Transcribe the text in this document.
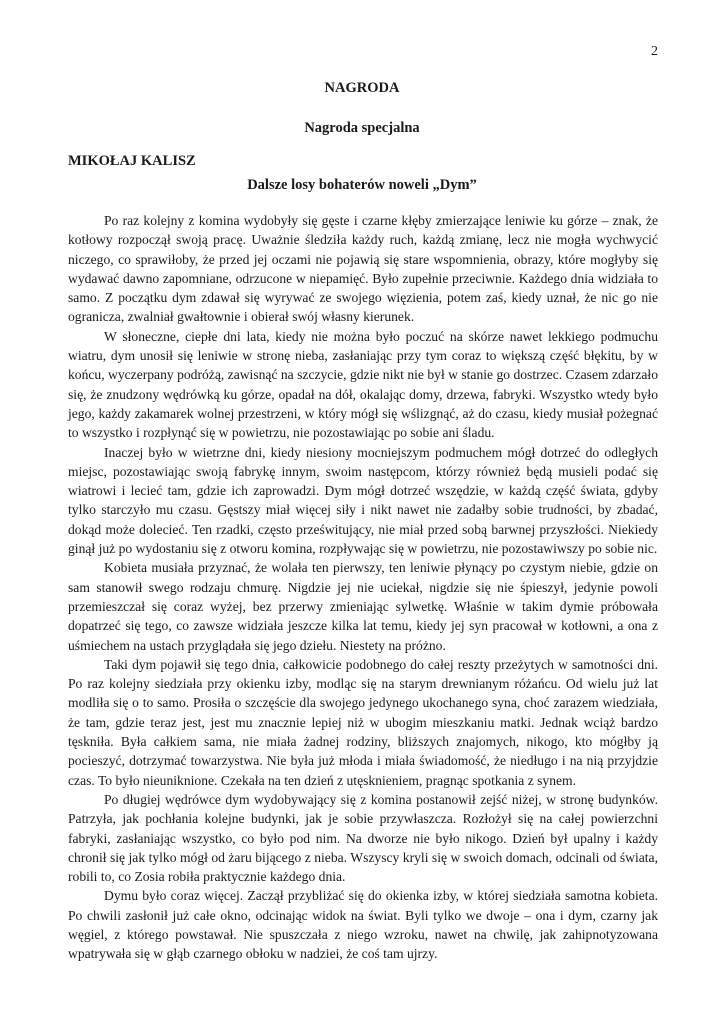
2
NAGRODA
Nagroda specjalna
MIKOŁAJ KALISZ
Dalsze losy bohaterów noweli „Dym”

Po raz kolejny z komina wydobyły się gęste i czarne kłęby zmierzające leniwie ku górze – znak, że kotłowy rozpoczął swoją pracę. Uważnie śledziła każdy ruch, każdą zmianę, lecz nie mogła wychwycić niczego, co sprawiłoby, że przed jej oczami nie pojawią się stare wspomnienia, obrazy, które mogłyby się wydawać dawno zapomniane, odrzucone w niepamięć. Było zupełnie przeciwnie. Każdego dnia widziała to samo. Z początku dym zdawał się wyrywać ze swojego więzienia, potem zaś, kiedy uznał, że nic go nie ogranicza, zwalniał gwałtownie i obierał swój własny kierunek.

W słoneczne, ciepłe dni lata, kiedy nie można było poczuć na skórze nawet lekkiego podmuchu wiatru, dym unosił się leniwie w stronę nieba, zasłaniając przy tym coraz to większą część błękitu, by w końcu, wyczerpany podróżą, zawisnąć na szczycie, gdzie nikt nie był w stanie go dostrzec. Czasem zdarzało się, że znudzony wędrówką ku górze, opadał na dół, okalając domy, drzewa, fabryki. Wszystko wtedy było jego, każdy zakamarek wolnej przestrzeni, w który mógł się wślizgnąć, aż do czasu, kiedy musiał pożegnać to wszystko i rozpłynąć się w powietrzu, nie pozostawiając po sobie ani śladu.

Inaczej było w wietrzne dni, kiedy niesiony mocniejszym podmuchem mógł dotrzeć do odległych miejsc, pozostawiając swoją fabrykę innym, swoim następcom, którzy również będą musieli podać się wiatrowi i lecieć tam, gdzie ich zaprowadzi. Dym mógł dotrzeć wszędzie, w każdą część świata, gdyby tylko starczyło mu czasu. Gęstszy miał więcej siły i nikt nawet nie zadałby sobie trudności, by zbadać, dokąd może dolecieć. Ten rzadki, często prześwitujący, nie miał przed sobą barwnej przyszłości. Niekiedy ginął już po wydostaniu się z otworu komina, rozpływając się w powietrzu, nie pozostawiwszy po sobie nic.

Kobieta musiała przyznać, że wolała ten pierwszy, ten leniwie płynący po czystym niebie, gdzie on sam stanowił swego rodzaju chmurę. Nigdzie jej nie uciekał, nigdzie się nie śpieszył, jedynie powoli przemieszczał się coraz wyżej, bez przerwy zmieniając sylwetkę. Właśnie w takim dymie próbowała dopatrzeć się tego, co zawsze widziała jeszcze kilka lat temu, kiedy jej syn pracował w kotłowni, a ona z uśmiechem na ustach przyglądała się jego dziełu. Niestety na próżno.

Taki dym pojawił się tego dnia, całkowicie podobnego do całej reszty przeżytych w samotności dni. Po raz kolejny siedziała przy okienku izby, modląc się na starym drewnianym różańcu. Od wielu już lat modliła się o to samo. Prosiła o szczęście dla swojego jedynego ukochanego syna, choć zarazem wiedziała, że tam, gdzie teraz jest, jest mu znacznie lepiej niż w ubogim mieszkaniu matki. Jednak wciąż bardzo tęskniła. Była całkiem sama, nie miała żadnej rodziny, bliższych znajomych, nikogo, kto mógłby ją pocieszyć, dotrzymać towarzystwa. Nie była już młoda i miała świadomość, że niedługo i na nią przyjdzie czas. To było nieuniknione. Czekała na ten dzień z utęsknieniem, pragnąc spotkania z synem.

Po długiej wędrówce dym wydobywający się z komina postanowił zejść niżej, w stronę budynków. Patrzyła, jak pochłania kolejne budynki, jak je sobie przywłaszcza. Rozłożył się na całej powierzchni fabryki, zasłaniając wszystko, co było pod nim. Na dworze nie było nikogo. Dzień był upalny i każdy chronił się jak tylko mógł od żaru bijącego z nieba. Wszyscy kryli się w swoich domach, odcinali od świata, robili to, co Zosia robiła praktycznie każdego dnia.

Dymu było coraz więcej. Zaczął przybliżać się do okienka izby, w której siedziała samotna kobieta. Po chwili zasłonił już całe okno, odcinając widok na świat. Byli tylko we dwoje – ona i dym, czarny jak węgiel, z którego powstawał. Nie spuszczała z niego wzroku, nawet na chwilę, jak zahipnotyzowana wpatrywała się w głąb czarnego obłoku w nadziei, że coś tam ujrzy.
